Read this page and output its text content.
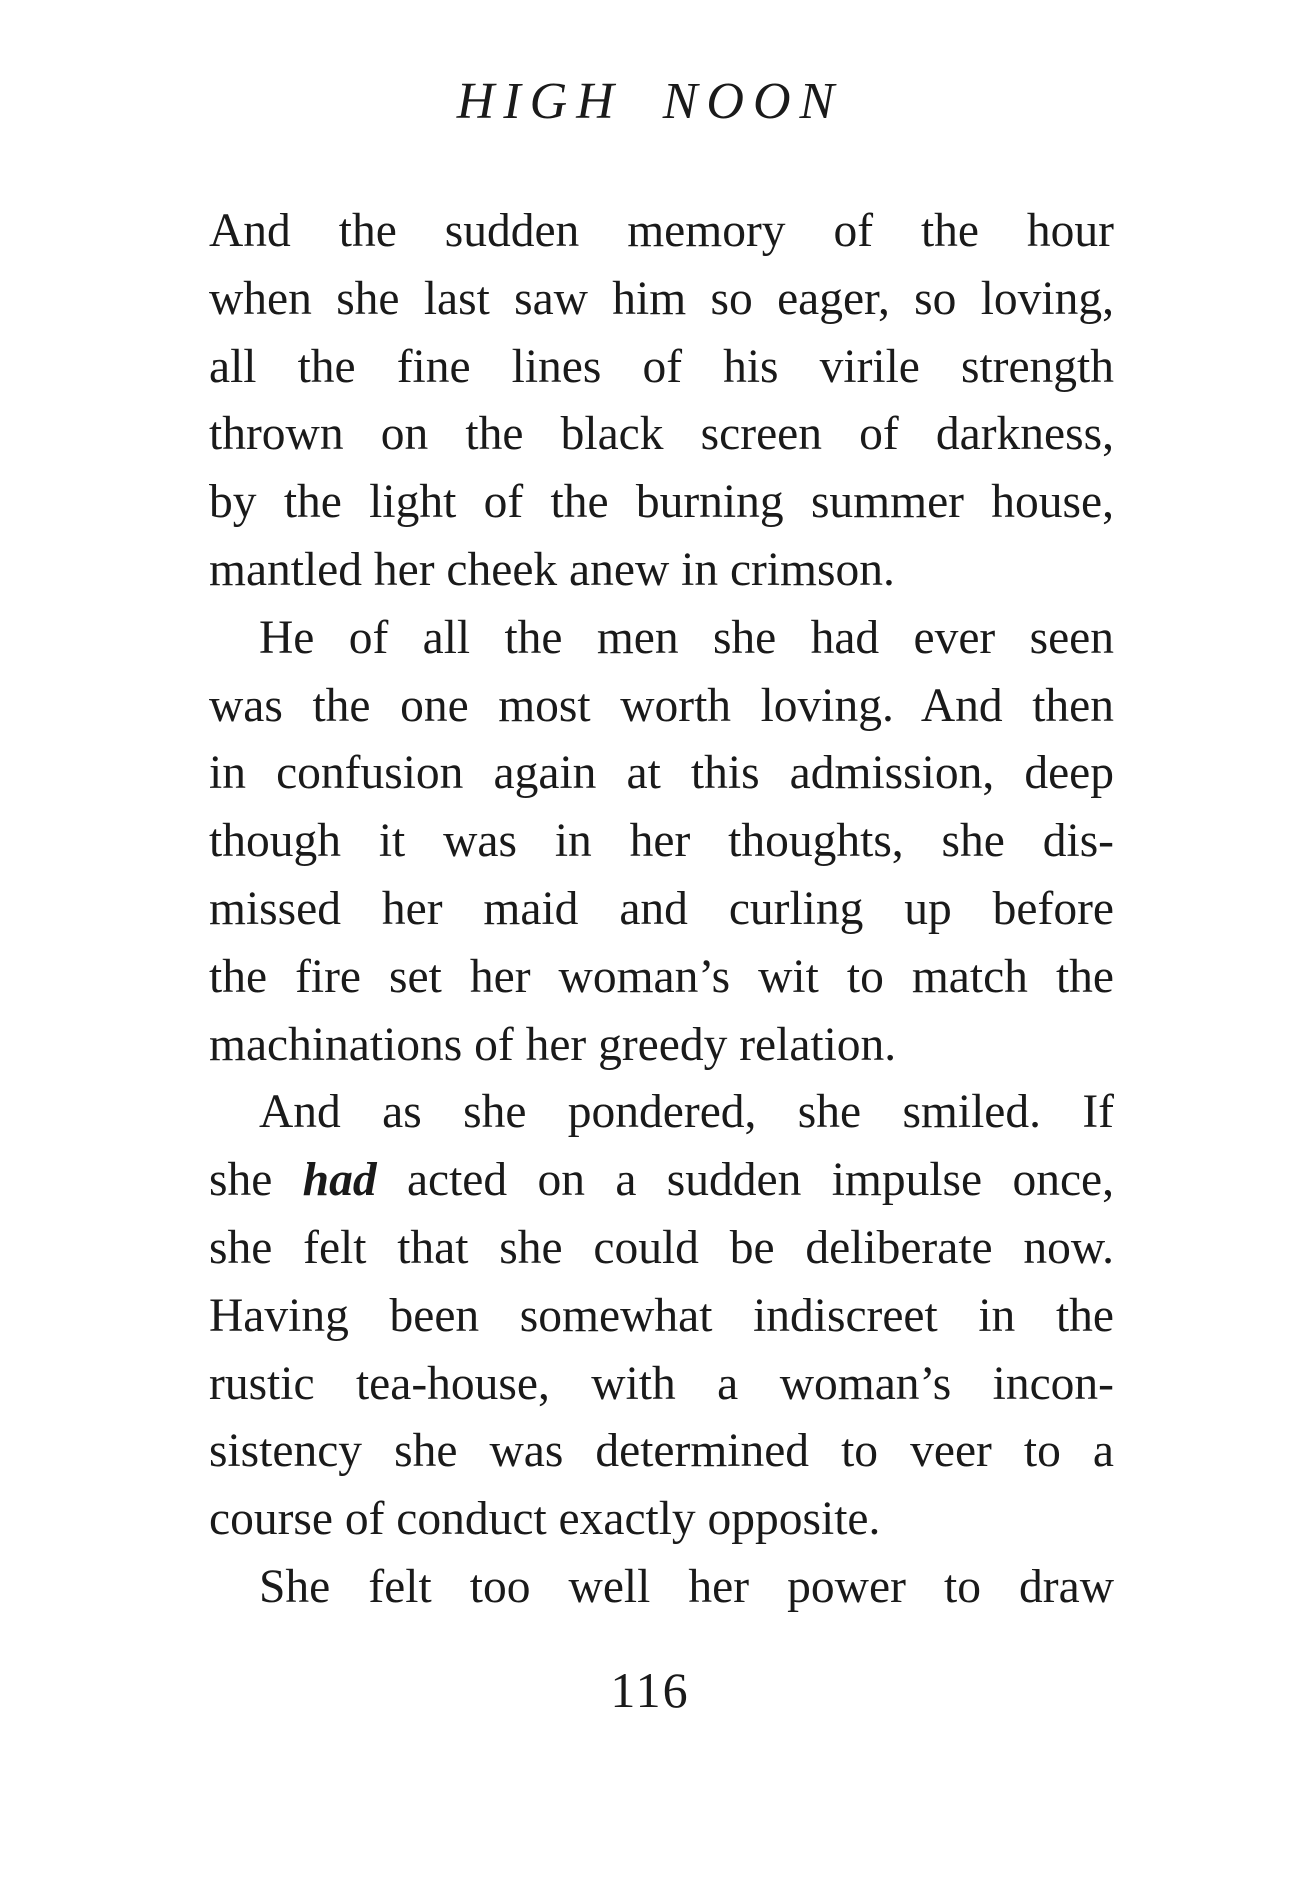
HIGH NOON
And the sudden memory of the hour
when she last saw him so eager, so loving,
all the fine lines of his virile strength
thrown on the black screen of darkness,
by the light of the burning summer house,
mantled her cheek anew in crimson.
He of all the men she had ever seen
was the one most worth loving. And then
in confusion again at this admission, deep
though it was in her thoughts, she dis-
missed her maid and curling up before
the fire set her woman’s wit to match the
machinations of her greedy relation.
And as she pondered, she smiled. If
she had acted on a sudden impulse once,
she felt that she could be deliberate now.
Having been somewhat indiscreet in the
rustic tea-house, with a woman’s incon-
sistency she was determined to veer to a
course of conduct exactly opposite.
She felt too well her power to draw
116
